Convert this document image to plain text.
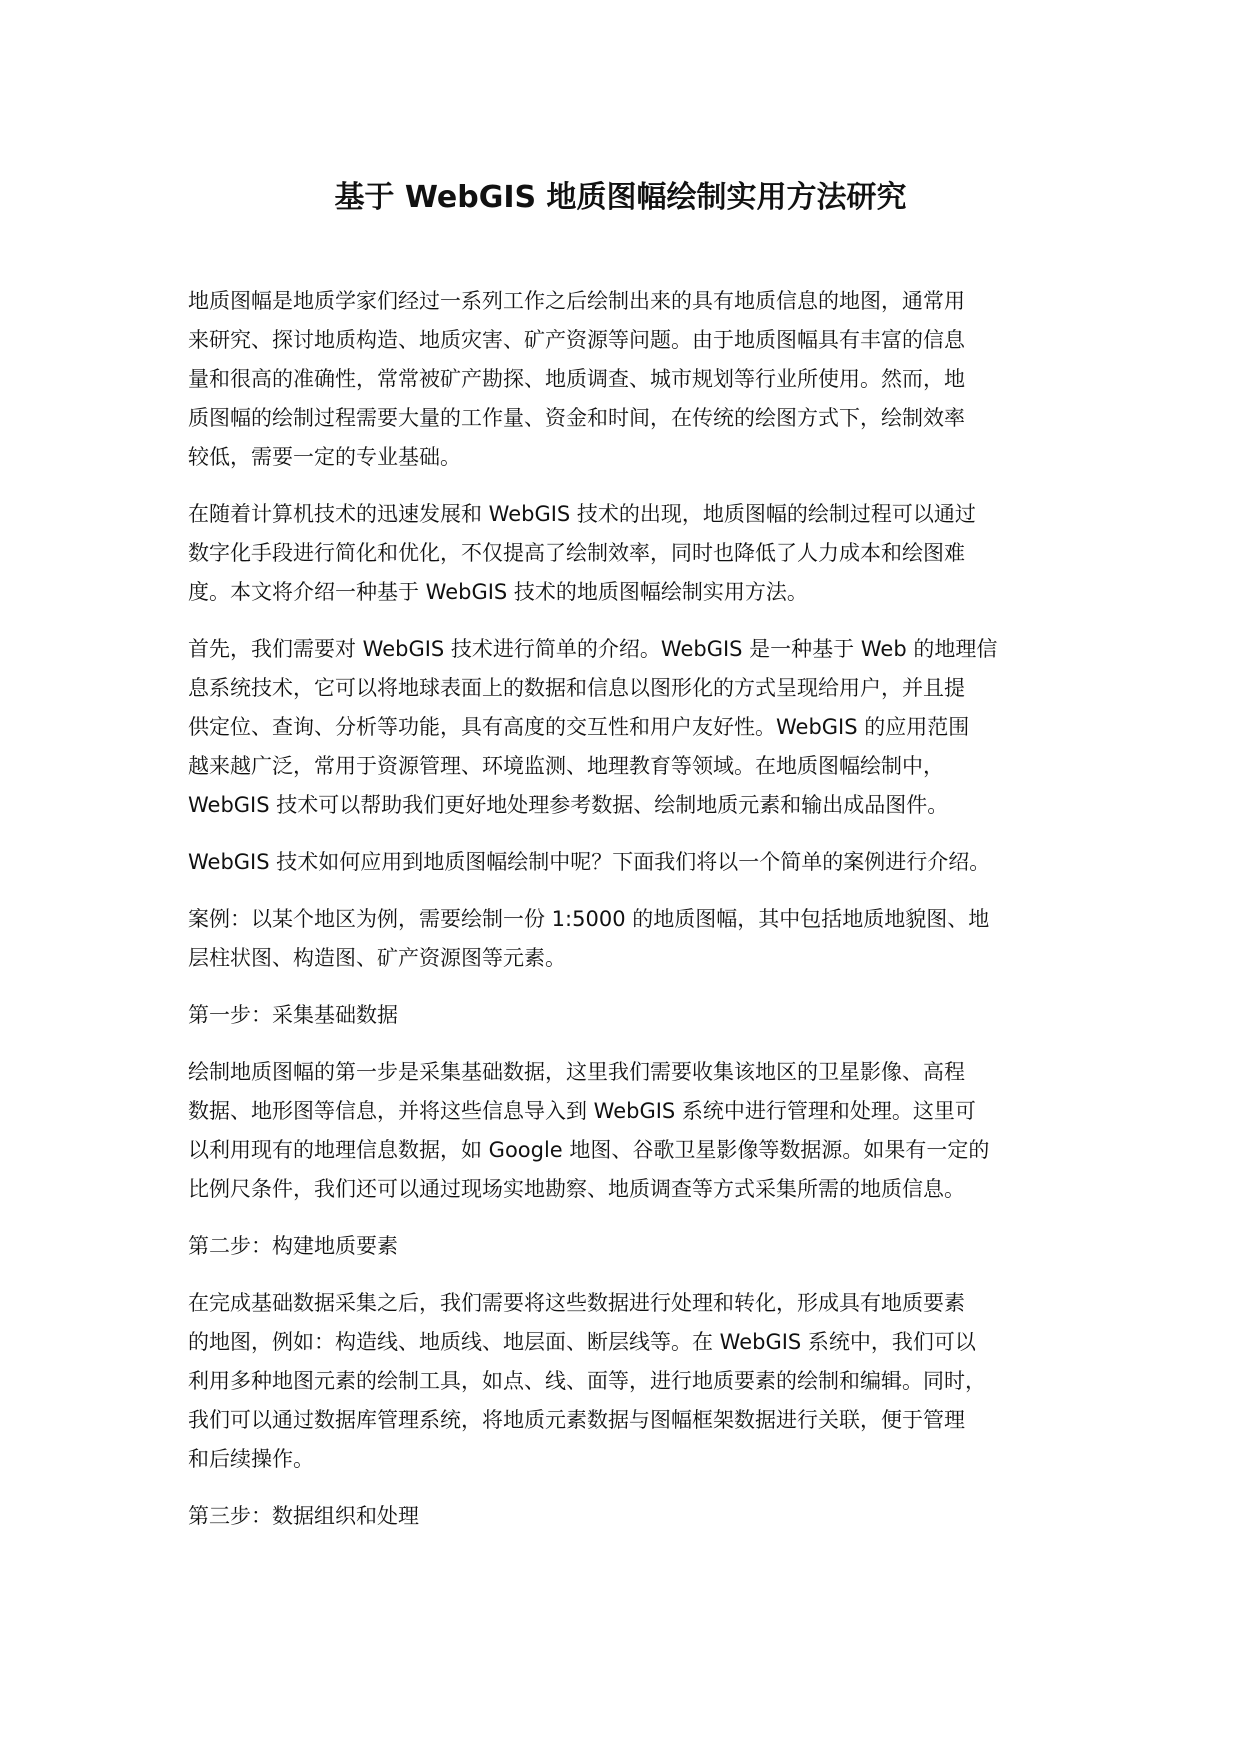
基于 WebGIS 地质图幅绘制实用方法研究
地质图幅是地质学家们经过一系列工作之后绘制出来的具有地质信息的地图，通常用
来研究、探讨地质构造、地质灾害、矿产资源等问题。由于地质图幅具有丰富的信息
量和很高的准确性，常常被矿产勘探、地质调查、城市规划等行业所使用。然而，地
质图幅的绘制过程需要大量的工作量、资金和时间，在传统的绘图方式下，绘制效率
较低，需要一定的专业基础。
在随着计算机技术的迅速发展和 WebGIS 技术的出现，地质图幅的绘制过程可以通过
数字化手段进行简化和优化，不仅提高了绘制效率，同时也降低了人力成本和绘图难
度。本文将介绍一种基于 WebGIS 技术的地质图幅绘制实用方法。
首先，我们需要对 WebGIS 技术进行简单的介绍。WebGIS 是一种基于 Web 的地理信
息系统技术，它可以将地球表面上的数据和信息以图形化的方式呈现给用户，并且提
供定位、查询、分析等功能，具有高度的交互性和用户友好性。WebGIS 的应用范围
越来越广泛，常用于资源管理、环境监测、地理教育等领域。在地质图幅绘制中，
WebGIS 技术可以帮助我们更好地处理参考数据、绘制地质元素和输出成品图件。
WebGIS 技术如何应用到地质图幅绘制中呢？下面我们将以一个简单的案例进行介绍。
案例：以某个地区为例，需要绘制一份 1:5000 的地质图幅，其中包括地质地貌图、地
层柱状图、构造图、矿产资源图等元素。
第一步：采集基础数据
绘制地质图幅的第一步是采集基础数据，这里我们需要收集该地区的卫星影像、高程
数据、地形图等信息，并将这些信息导入到 WebGIS 系统中进行管理和处理。这里可
以利用现有的地理信息数据，如 Google 地图、谷歌卫星影像等数据源。如果有一定的
比例尺条件，我们还可以通过现场实地勘察、地质调查等方式采集所需的地质信息。
第二步：构建地质要素
在完成基础数据采集之后，我们需要将这些数据进行处理和转化，形成具有地质要素
的地图，例如：构造线、地质线、地层面、断层线等。在 WebGIS 系统中，我们可以
利用多种地图元素的绘制工具，如点、线、面等，进行地质要素的绘制和编辑。同时，
我们可以通过数据库管理系统，将地质元素数据与图幅框架数据进行关联，便于管理
和后续操作。
第三步：数据组织和处理
